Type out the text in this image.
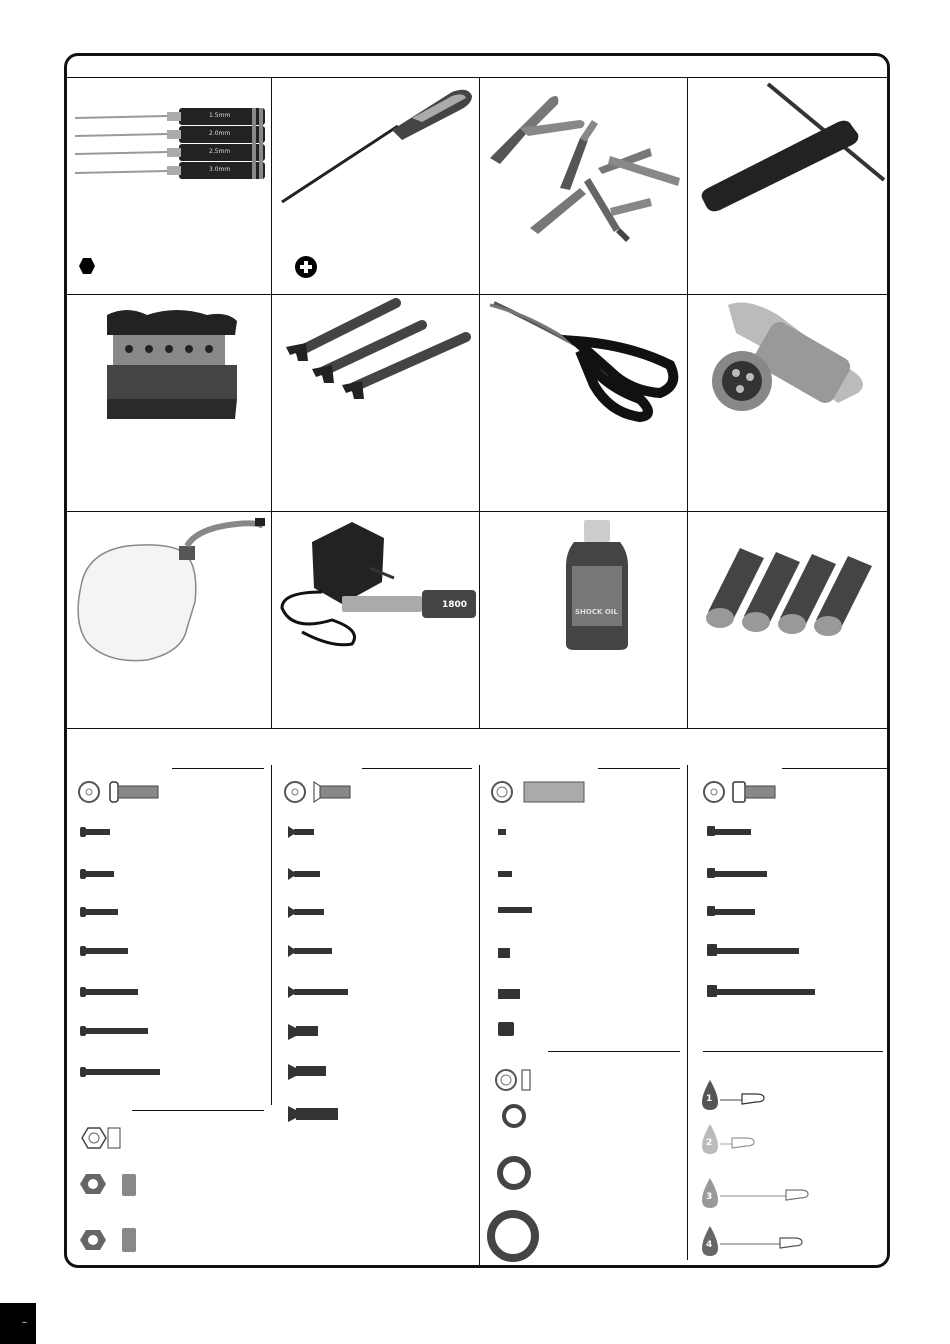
1.5mm
2.0mm
2.5mm
3.0mm
1800
SHOCK OIL
1
2
3
4
–
